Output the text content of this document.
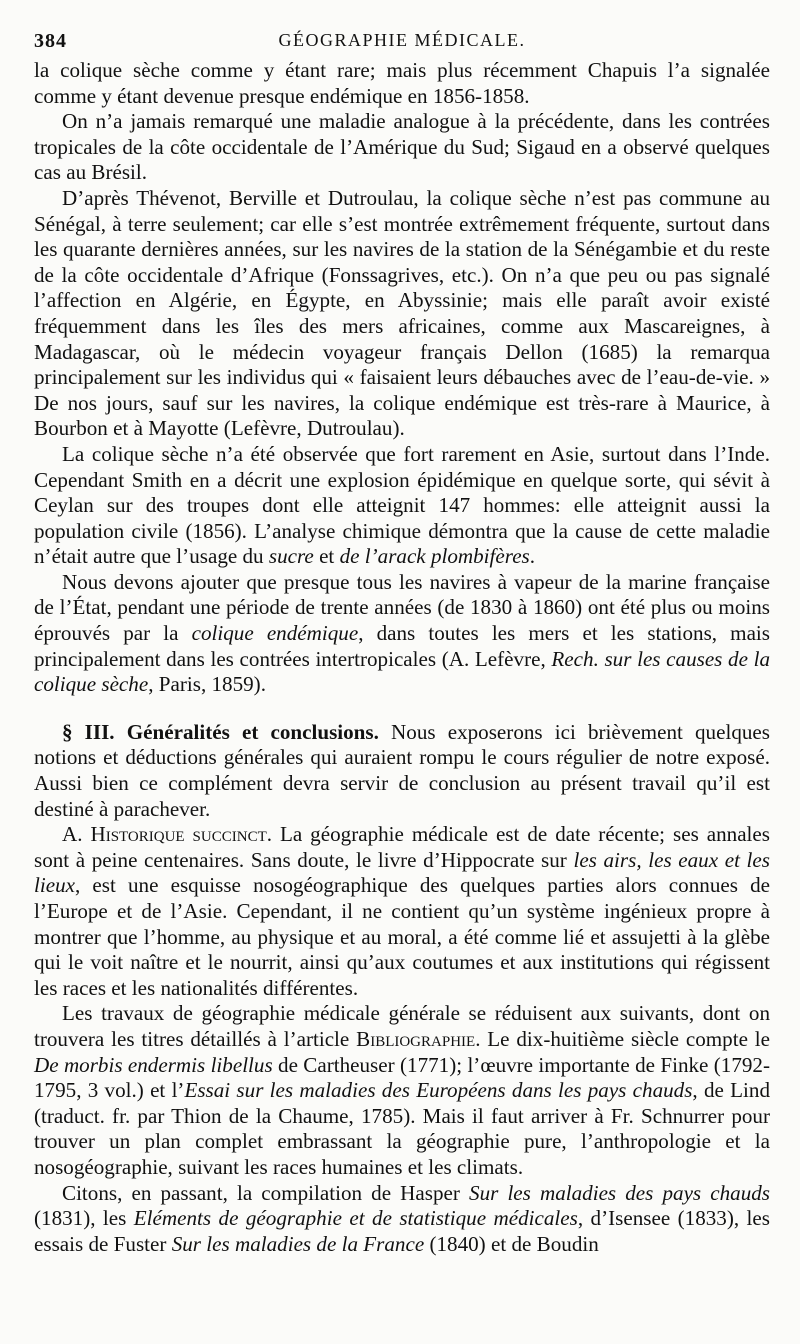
384	GÉOGRAPHIE MÉDICALE.

la colique sèche comme y étant rare; mais plus récemment Chapuis l’a signalée comme y étant devenue presque endémique en 1856-1858.

On n’a jamais remarqué une maladie analogue à la précédente, dans les contrées tropicales de la côte occidentale de l’Amérique du Sud; Sigaud en a observé quelques cas au Brésil.

D’après Thévenot, Berville et Dutroulau, la colique sèche n’est pas commune au Sénégal, à terre seulement; car elle s’est montrée extrêmement fréquente, surtout dans les quarante dernières années, sur les navires de la station de la Sénégambie et du reste de la côte occidentale d’Afrique (Fonssagrives, etc.). On n’a que peu ou pas signalé l’affection en Algérie, en Égypte, en Abyssinie; mais elle paraît avoir existé fréquemment dans les îles des mers africaines, comme aux Mascareignes, à Madagascar, où le médecin voyageur français Dellon (1685) la remarqua principalement sur les individus qui « faisaient leurs débauches avec de l’eau-de-vie. » De nos jours, sauf sur les navires, la colique endémique est très-rare à Maurice, à Bourbon et à Mayotte (Lefèvre, Dutroulau).

La colique sèche n’a été observée que fort rarement en Asie, surtout dans l’Inde. Cependant Smith en a décrit une explosion épidémique en quelque sorte, qui sévit à Ceylan sur des troupes dont elle atteignit 147 hommes: elle atteignit aussi la population civile (1856). L’analyse chimique démontra que la cause de cette maladie n’était autre que l’usage du sucre et de l’arack plombifères.

Nous devons ajouter que presque tous les navires à vapeur de la marine française de l’État, pendant une période de trente années (de 1830 à 1860) ont été plus ou moins éprouvés par la colique endémique, dans toutes les mers et les stations, mais principalement dans les contrées intertropicales (A. Lefèvre, Rech. sur les causes de la colique sèche, Paris, 1859).

§ III. Généralités et conclusions. Nous exposerons ici brièvement quelques notions et déductions générales qui auraient rompu le cours régulier de notre exposé. Aussi bien ce complément devra servir de conclusion au présent travail qu’il est destiné à parachever.

A. Historique succinct. La géographie médicale est de date récente; ses annales sont à peine centenaires. Sans doute, le livre d’Hippocrate sur les airs, les eaux et les lieux, est une esquisse nosogéographique des quelques parties alors connues de l’Europe et de l’Asie. Cependant, il ne contient qu’un système ingénieux propre à montrer que l’homme, au physique et au moral, a été comme lié et assujetti à la glèbe qui le voit naître et le nourrit, ainsi qu’aux coutumes et aux institutions qui régissent les races et les nationalités différentes.

Les travaux de géographie médicale générale se réduisent aux suivants, dont on trouvera les titres détaillés à l’article Bibliographie. Le dix-huitième siècle compte le De morbis endermis libellus de Cartheuser (1771); l’œuvre importante de Finke (1792-1795, 3 vol.) et l’Essai sur les maladies des Européens dans les pays chauds, de Lind (traduct. fr. par Thion de la Chaume, 1785). Mais il faut arriver à Fr. Schnurrer pour trouver un plan complet embrassant la géographie pure, l’anthropologie et la nosogéographie, suivant les races humaines et les climats.

Citons, en passant, la compilation de Hasper Sur les maladies des pays chauds (1831), les Eléments de géographie et de statistique médicales, d’Isensee (1833), les essais de Fuster Sur les maladies de la France (1840) et de Boudin
